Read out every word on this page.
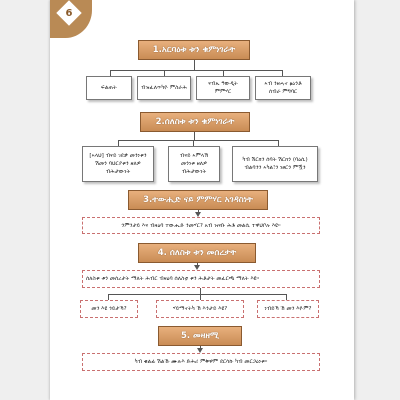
6
1.አርባዕቱ ቱን ቁምነገራት
ፍልጠት	ብዝፈለጥካዮ ምስራሕ
ናብኡ ዓውዲት ምምሃር
ኣብ ንዘሓኖ ፅዕንቶ ሰብራ ምግባር
2.ሰለስቱ ቱን ቁምነገራት
[ኣላህ] ብናይ ገደቃ መንነቱን ሽመን ባህርያቱን ዘለዎ ብሕታውነት
ብናይ ኣምላኽ መንነቱ ዘለዎ ብሕታውነት
ካብ ሽርክን ሰባት ሽርክን (ባዕሲ) ብልባንን ኣካል፣ን ነፀርን ምዃን
3.ተውሒድ ናይ ምምሃር አገዳስነት
ንምንታይ እና ብዛዕባ ተውሒድ ንመሃር? አብ ዝናቡ ሕቶ መልሲ ተዋህቦሉ እዩ።
4. ሰለስቱ ቱን መሰረታት
ሰለስቱ ቱን መሰረታት ማለት ሕብር ብዛዕባ ሰለስቲ ቱን ሕቶታት መፈርጫ ማለት እዩ።
መን እዩ ጎይታኻ?	ሃይማኖትካ ኸ እንታይ እዩ?	ነብይኻ ኸ መን እዮም?
5. መዛዘሚ
ካብ ቁልፊ ሽልኹ ሙሉእ ድሕሪ ምቅዋም ደርሳኩ ካብ መርጋዕነቱ።
